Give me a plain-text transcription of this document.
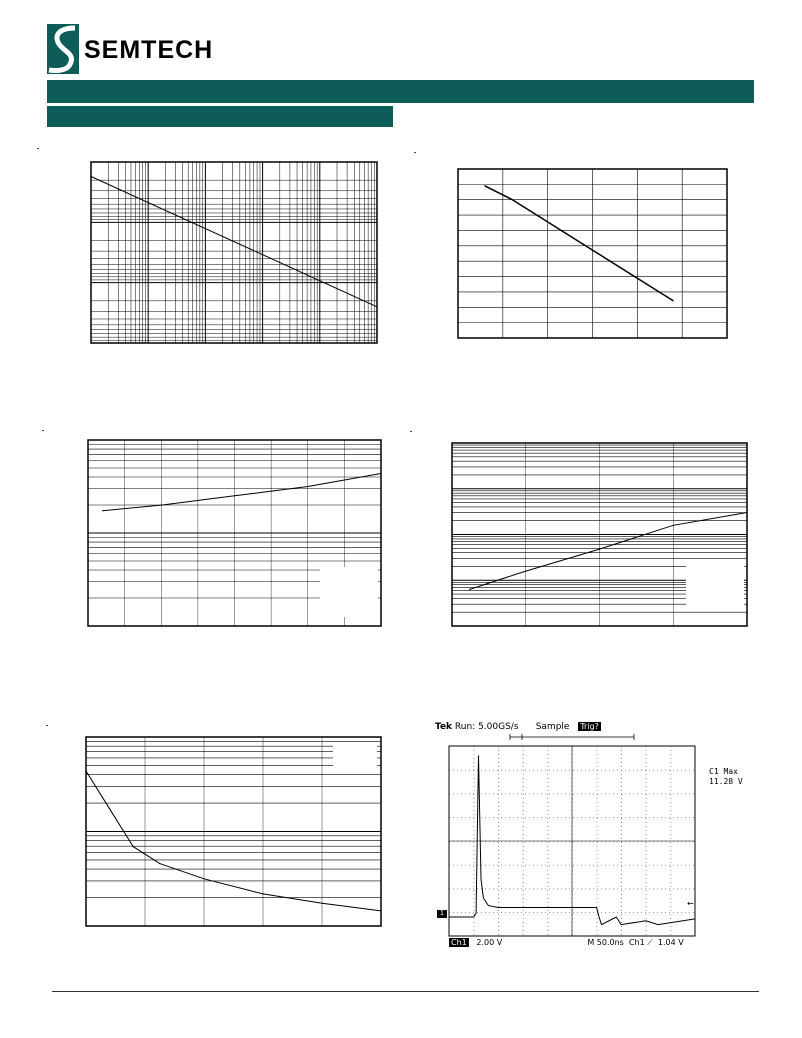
SEMTECH
Tek Run: 5.00GS/s Sample Trig?
←
1
C1 Max
11.28 V
Ch1 2.00 V	M 50.0ns Ch1 ⟋ 1.04 V
